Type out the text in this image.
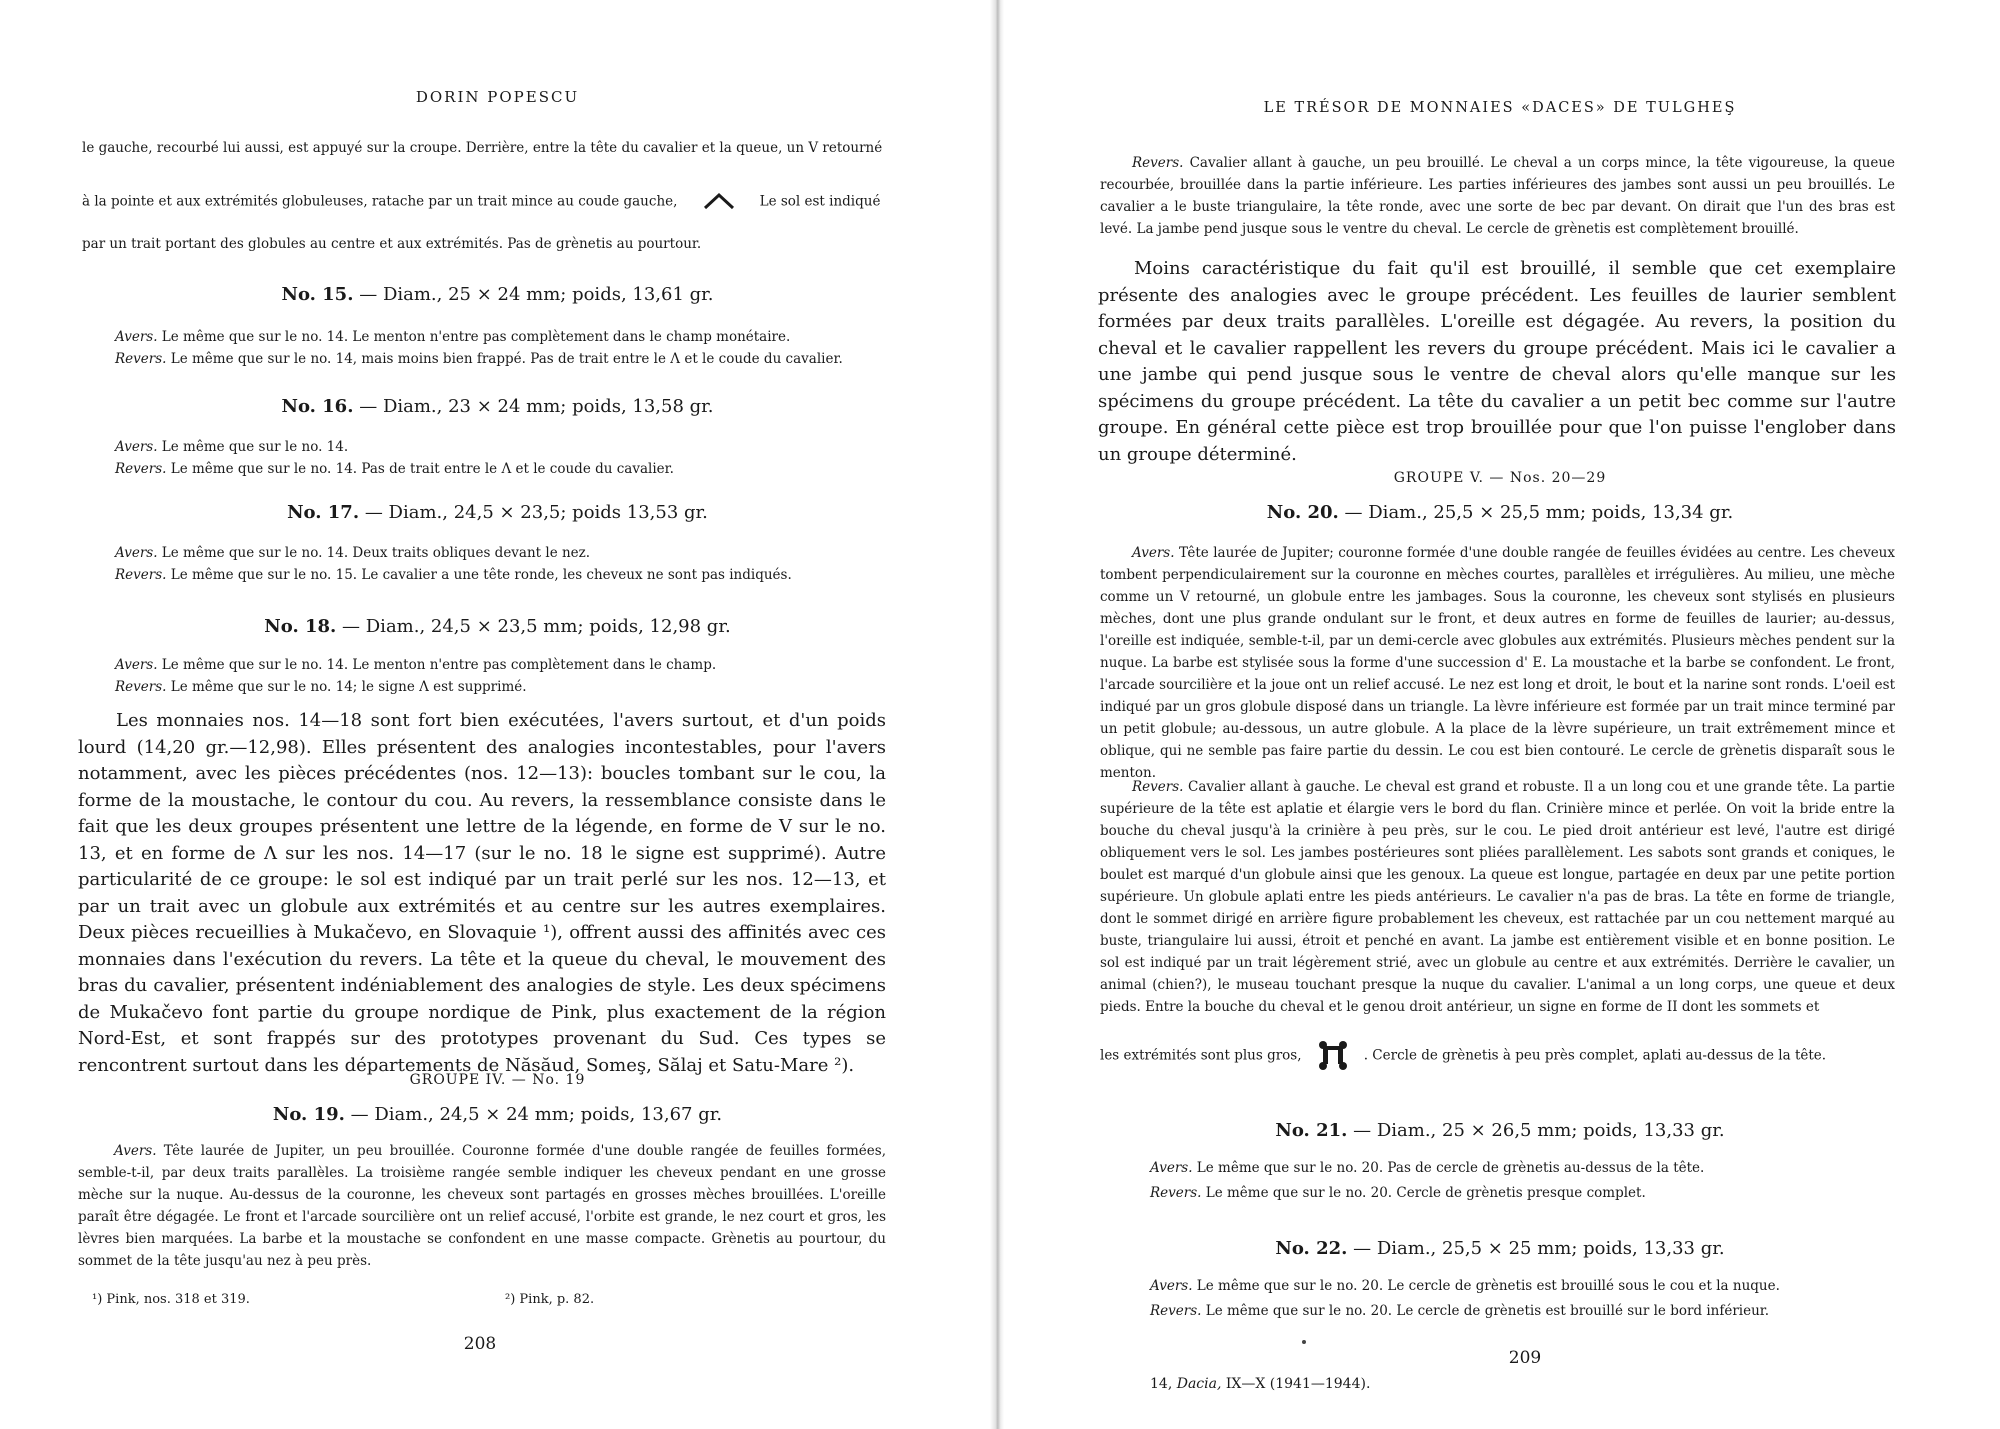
DORIN POPESCU

le gauche, recourbé lui aussi, est appuyé sur la croupe. Derrière, entre la tête du cavalier et la queue, un V retourné

à la pointe et aux extrémités globuleuses, ratache par un trait mince au coude gauche,	Le sol est indiqué

par un trait portant des globules au centre et aux extrémités. Pas de grènetis au pourtour.

No. 15. — Diam., 25 × 24 mm; poids, 13,61 gr.

Avers. Le même que sur le no. 14. Le menton n'entre pas complètement dans le champ monétaire.

Revers. Le même que sur le no. 14, mais moins bien frappé. Pas de trait entre le Λ et le coude du cavalier.

No. 16. — Diam., 23 × 24 mm; poids, 13,58 gr.

Avers. Le même que sur le no. 14.

Revers. Le même que sur le no. 14. Pas de trait entre le Λ et le coude du cavalier.

No. 17. — Diam., 24,5 × 23,5; poids 13,53 gr.

Avers. Le même que sur le no. 14. Deux traits obliques devant le nez.

Revers. Le même que sur le no. 15. Le cavalier a une tête ronde, les cheveux ne sont pas indiqués.

No. 18. — Diam., 24,5 × 23,5 mm; poids, 12,98 gr.

Avers. Le même que sur le no. 14. Le menton n'entre pas complètement dans le champ.

Revers. Le même que sur le no. 14; le signe Λ est supprimé.

Les monnaies nos. 14—18 sont fort bien exécutées, l'avers surtout, et d'un poids lourd (14,20 gr.—12,98). Elles présentent des analogies incontestables, pour l'avers notamment, avec les pièces précédentes (nos. 12—13): boucles tombant sur le cou, la forme de la moustache, le contour du cou. Au revers, la ressemblance consiste dans le fait que les deux groupes présentent une lettre de la légende, en forme de V sur le no. 13, et en forme de Λ sur les nos. 14—17 (sur le no. 18 le signe est supprimé). Autre particularité de ce groupe: le sol est indiqué par un trait perlé sur les nos. 12—13, et par un trait avec un globule aux extrémités et au centre sur les autres exemplaires. Deux pièces recueillies à Mukačevo, en Slovaquie ¹), offrent aussi des affinités avec ces monnaies dans l'exécution du revers. La tête et la queue du cheval, le mouvement des bras du cavalier, présentent indéniablement des analogies de style. Les deux spécimens de Mukačevo font partie du groupe nordique de Pink, plus exactement de la région Nord-Est, et sont frappés sur des prototypes provenant du Sud. Ces types se rencontrent surtout dans les départements de Năsăud, Someş, Sălaj et Satu-Mare ²).

GROUPE IV. — No. 19
No. 19. — Diam., 24,5 × 24 mm; poids, 13,67 gr.

Avers. Tête laurée de Jupiter, un peu brouillée. Couronne formée d'une double rangée de feuilles formées, semble-t-il, par deux traits parallèles. La troisième rangée semble indiquer les cheveux pendant en une grosse mèche sur la nuque. Au-dessus de la couronne, les cheveux sont partagés en grosses mèches brouillées. L'oreille paraît être dégagée. Le front et l'arcade sourcilière ont un relief accusé, l'orbite est grande, le nez court et gros, les lèvres bien marquées. La barbe et la moustache se confondent en une masse compacte. Grènetis au pourtour, du sommet de la tête jusqu'au nez à peu près.

¹) Pink, nos. 318 et 319.	²) Pink, p. 82.
208
LE TRÉSOR DE MONNAIES «DACES» DE TULGHEŞ

Revers. Cavalier allant à gauche, un peu brouillé. Le cheval a un corps mince, la tête vigoureuse, la queue recourbée, brouillée dans la partie inférieure. Les parties inférieures des jambes sont aussi un peu brouillés. Le cavalier a le buste triangulaire, la tête ronde, avec une sorte de bec par devant. On dirait que l'un des bras est levé. La jambe pend jusque sous le ventre du cheval. Le cercle de grènetis est complètement brouillé.

Moins caractéristique du fait qu'il est brouillé, il semble que cet exemplaire présente des analogies avec le groupe précédent. Les feuilles de laurier semblent formées par deux traits parallèles. L'oreille est dégagée. Au revers, la position du cheval et le cavalier rappellent les revers du groupe précédent. Mais ici le cavalier a une jambe qui pend jusque sous le ventre de cheval alors qu'elle manque sur les spécimens du groupe précédent. La tête du cavalier a un petit bec comme sur l'autre groupe. En général cette pièce est trop brouillée pour que l'on puisse l'englober dans un groupe déterminé.

GROUPE V. — Nos. 20—29
No. 20. — Diam., 25,5 × 25,5 mm; poids, 13,34 gr.

Avers. Tête laurée de Jupiter; couronne formée d'une double rangée de feuilles évidées au centre. Les cheveux tombent perpendiculairement sur la couronne en mèches courtes, parallèles et irrégulières. Au milieu, une mèche comme un V retourné, un globule entre les jambages. Sous la couronne, les cheveux sont stylisés en plusieurs mèches, dont une plus grande ondulant sur le front, et deux autres en forme de feuilles de laurier; au-dessus, l'oreille est indiquée, semble-t-il, par un demi-cercle avec globules aux extrémités. Plusieurs mèches pendent sur la nuque. La barbe est stylisée sous la forme d'une succession d' E. La moustache et la barbe se confondent. Le front, l'arcade sourcilière et la joue ont un relief accusé. Le nez est long et droit, le bout et la narine sont ronds. L'oeil est indiqué par un gros globule disposé dans un triangle. La lèvre inférieure est formée par un trait mince terminé par un petit globule; au-dessous, un autre globule. A la place de la lèvre supérieure, un trait extrêmement mince et oblique, qui ne semble pas faire partie du dessin. Le cou est bien contouré. Le cercle de grènetis disparaît sous le menton.

Revers. Cavalier allant à gauche. Le cheval est grand et robuste. Il a un long cou et une grande tête. La partie supérieure de la tête est aplatie et élargie vers le bord du flan. Crinière mince et perlée. On voit la bride entre la bouche du cheval jusqu'à la crinière à peu près, sur le cou. Le pied droit antérieur est levé, l'autre est dirigé obliquement vers le sol. Les jambes postérieures sont pliées parallèlement. Les sabots sont grands et coniques, le boulet est marqué d'un globule ainsi que les genoux. La queue est longue, partagée en deux par une petite portion supérieure. Un globule aplati entre les pieds antérieurs. Le cavalier n'a pas de bras. La tête en forme de triangle, dont le sommet dirigé en arrière figure probablement les cheveux, est rattachée par un cou nettement marqué au buste, triangulaire lui aussi, étroit et penché en avant. La jambe est entièrement visible et en bonne position. Le sol est indiqué par un trait légèrement strié, avec un globule au centre et aux extrémités. Derrière le cavalier, un animal (chien?), le museau touchant presque la nuque du cavalier. L'animal a un long corps, une queue et deux pieds. Entre la bouche du cheval et le genou droit antérieur, un signe en forme de II dont les sommets et

les extrémités sont plus gros,	. Cercle de grènetis à peu près complet, aplati au-dessus de la tête.
No. 21. — Diam., 25 × 26,5 mm; poids, 13,33 gr.

Avers. Le même que sur le no. 20. Pas de cercle de grènetis au-dessus de la tête.

Revers. Le même que sur le no. 20. Cercle de grènetis presque complet.

No. 22. — Diam., 25,5 × 25 mm; poids, 13,33 gr.

Avers. Le même que sur le no. 20. Le cercle de grènetis est brouillé sous le cou et la nuque.

Revers. Le même que sur le no. 20. Le cercle de grènetis est brouillé sur le bord inférieur.

209
14, Dacia, IX—X (1941—1944).
